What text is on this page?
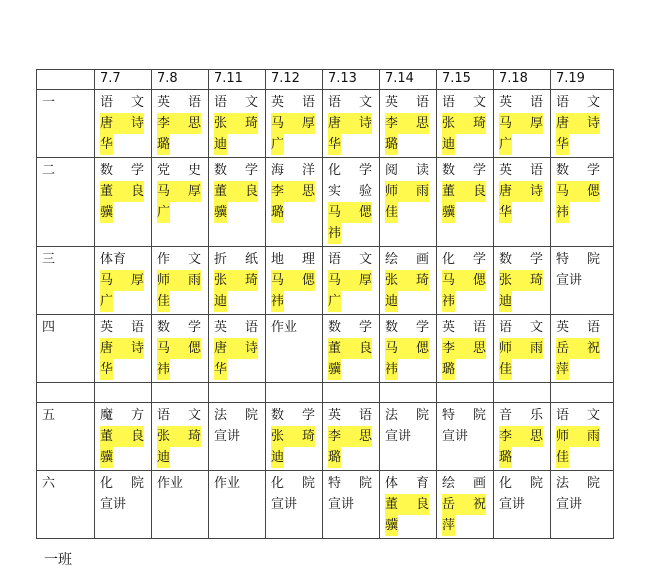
	7.7	7.8	7.11	7.12	7.13	7.14	7.15	7.18	7.19
一	语 文
唐 诗
华	英 语
李 思
璐	语 文
张 琦
迪	英 语
马 厚
广	语 文
唐 诗
华	英 语
李 思
璐	语 文
张 琦
迪	英 语
马 厚
广	语 文
唐 诗
华

二	数 学
董 良
骥	党 史
马 厚
广	数 学
董 良
骥	海 洋
李 思
璐	化 学
实 验
马 偲
祎	阅 读
师 雨
佳	数 学
董 良
骥	英 语
唐 诗
华	数 学
马 偲
祎

三	体育
马 厚
广	作 文
师 雨
佳	折 纸
张 琦
迪	地 理
马 偲
祎	语 文
马 厚
广	绘 画
张 琦
迪	化 学
马 偲
祎	数 学
张 琦
迪	特 院
宣讲

四	英 语
唐 诗
华	数 学
马 偲
祎	英 语
唐 诗
华	作业	数 学
董 良
骥	数 学
马 偲
祎	英 语
李 思
璐	语 文
师 雨
佳	英 语
岳 祝
萍

五	魔 方
董 良
骥	语 文
张 琦
迪	法 院
宣讲	数 学
张 琦
迪	英 语
李 思
璐	法 院
宣讲	特 院
宣讲	音 乐
李 思
璐	语 文
师 雨
佳

六	化 院
宣讲	作业	作业	化 院
宣讲	特 院
宣讲	体 育
董 良
骥	绘 画
岳 祝
萍	化 院
宣讲	法 院
宣讲
一班
